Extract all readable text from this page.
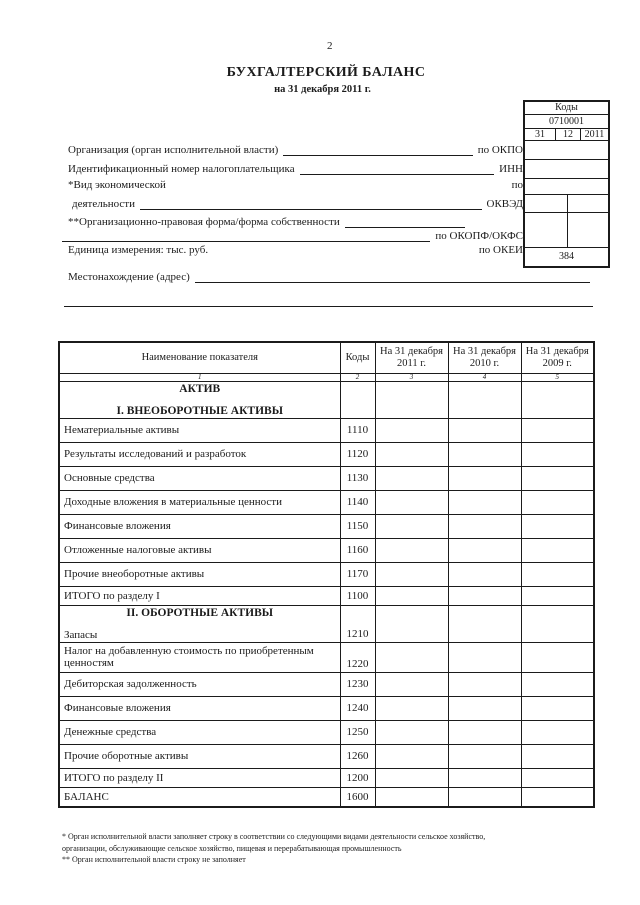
2
БУХГАЛТЕРСКИЙ БАЛАНС
на 31 декабря 2011 г.
Коды
0710001
31	12	2011
384
Организация (орган исполнительной власти)	по ОКПО
Идентификационный номер налогоплательщика	ИНН
*Вид экономической	по
деятельности	ОКВЭД
**Организационно-правовая форма/форма собственности
по ОКОПФ/ОКФС
Единица измерения: тыс. руб.	по ОКЕИ
Местонахождение (адрес)
Наименование показателя	Коды	На 31 декабря 2011 г.	На 31 декабря 2010 г.	На 31 декабря 2009 г.
1	2	3	4	5

АКТИВ
I. ВНЕОБОРОТНЫЕ АКТИВЫ				

Нематериальные активы	1110			
Результаты исследований и разработок	1120			
Основные средства	1130			
Доходные вложения в материальные ценности	1140			
Финансовые вложения	1150			
Отложенные налоговые активы	1160			
Прочие внеоборотные активы	1170			
ИТОГО по разделу I	1100			

II. ОБОРОТНЫЕ АКТИВЫ
Запасы	1210			
Налог на добавленную стоимость по приобретенным ценностям	1220			
Дебиторская задолженность	1230			
Финансовые вложения	1240			
Денежные средства	1250			
Прочие оборотные активы	1260			
ИТОГО по разделу II	1200			
БАЛАНС	1600			

* Орган исполнительной власти заполняет строку в соответствии со следующими видами деятельности сельское хозяйство, организации, обслуживающие сельское хозяйство, пищевая и перерабатывающая промышленность

** Орган исполнительной власти строку не заполняет
